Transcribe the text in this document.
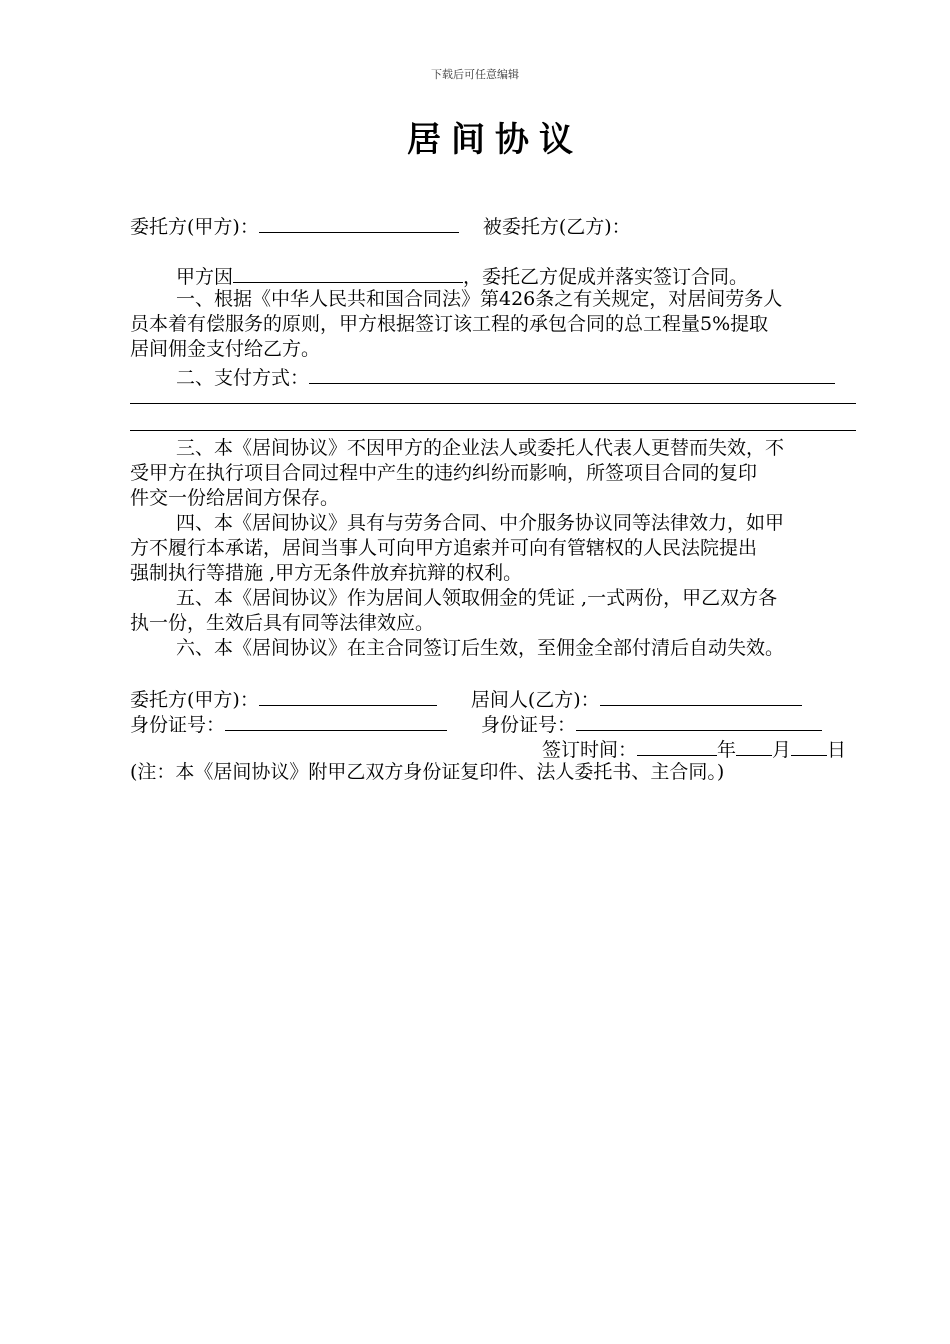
下载后可任意编辑
居间协议
委托方(甲方)：	被委托方(乙方)：
甲方因	，委托乙方促成并落实签订合同。
一、根据《中华人民共和国合同法》第426条之有关规定，对居间劳务人
员本着有偿服务的原则，甲方根据签订该工程的承包合同的总工程量5%提取
居间佣金支付给乙方。
二、支付方式：
三、本《居间协议》不因甲方的企业法人或委托人代表人更替而失效，不
受甲方在执行项目合同过程中产生的违约纠纷而影响，所签项目合同的复印
件交一份给居间方保存。
四、本《居间协议》具有与劳务合同、中介服务协议同等法律效力，如甲
方不履行本承诺，居间当事人可向甲方追索并可向有管辖权的人民法院提出
强制执行等措施 ,甲方无条件放弃抗辩的权利。
五、本《居间协议》作为居间人领取佣金的凭证 ,一式两份，甲乙双方各
执一份，生效后具有同等法律效应。
六、本《居间协议》在主合同签订后生效，至佣金全部付清后自动失效。
委托方(甲方)：	居间人(乙方)：
身份证号：	身份证号：
签订时间：	年 月 日
(注：本《居间协议》附甲乙双方身份证复印件、法人委托书、主合同。)
